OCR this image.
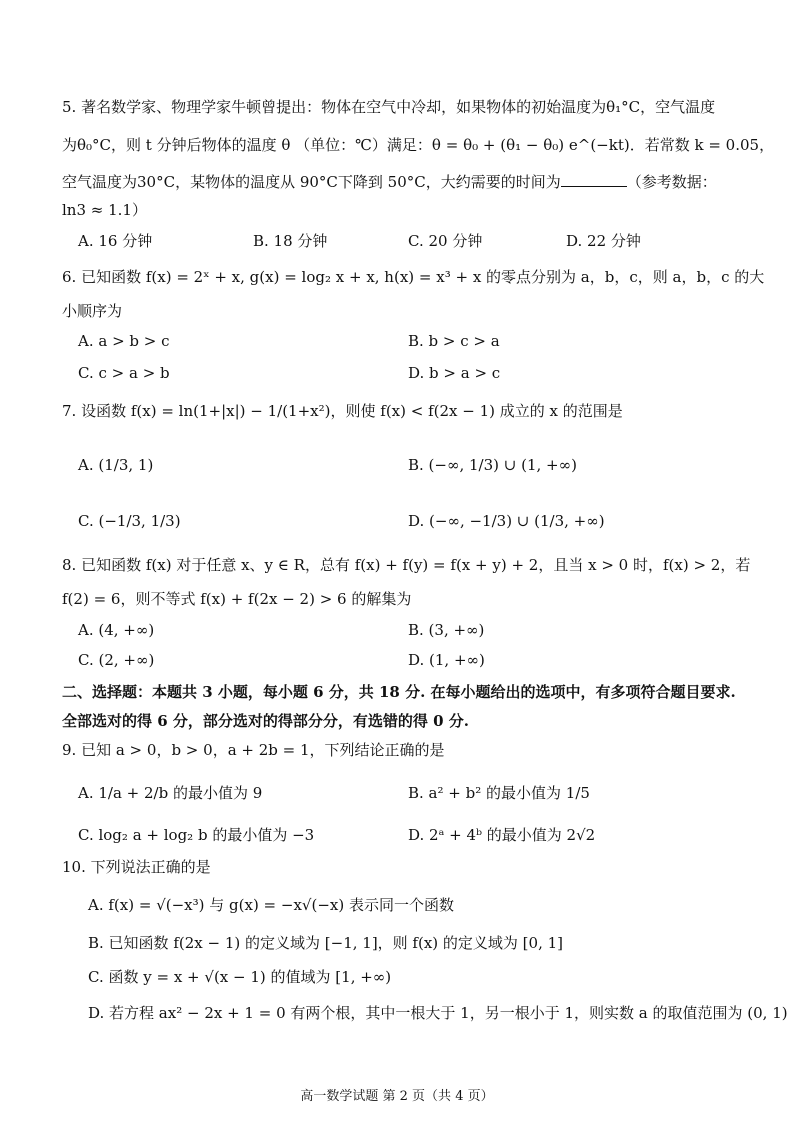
5. 著名数学家、物理学家牛顿曾提出：物体在空气中冷却，如果物体的初始温度为θ₁°C，空气温度
为θ₀°C，则 t 分钟后物体的温度 θ （单位：℃）满足：θ = θ₀ + (θ₁ − θ₀) e^(−kt)．若常数 k = 0.05，
空气温度为30°C，某物体的温度从 90°C下降到 50°C，大约需要的时间为	（参考数据：
ln3 ≈ 1.1）
A. 16 分钟	B. 18 分钟	C. 20 分钟	D. 22 分钟
6. 已知函数 f(x) = 2ˣ + x, g(x) = log₂ x + x, h(x) = x³ + x 的零点分别为 a，b，c，则 a，b，c 的大
小顺序为
A. a > b > c	B. b > c > a
C. c > a > b	D. b > a > c
7. 设函数 f(x) = ln(1+|x|) − 1/(1+x²)，则使 f(x) < f(2x − 1) 成立的 x 的范围是
A. (1/3, 1)	B. (−∞, 1/3) ∪ (1, +∞)
C. (−1/3, 1/3)	D. (−∞, −1/3) ∪ (1/3, +∞)
8. 已知函数 f(x) 对于任意 x、y ∈ R，总有 f(x) + f(y) = f(x + y) + 2，且当 x > 0 时，f(x) > 2，若
f(2) = 6，则不等式 f(x) + f(2x − 2) > 6 的解集为
A. (4, +∞)	B. (3, +∞)
C. (2, +∞)	D. (1, +∞)
二、选择题：本题共 3 小题，每小题 6 分，共 18 分. 在每小题给出的选项中，有多项符合题目要求.
全部选对的得 6 分，部分选对的得部分分，有选错的得 0 分.
9. 已知 a > 0，b > 0，a + 2b = 1，下列结论正确的是
A. 1/a + 2/b 的最小值为 9	B. a² + b² 的最小值为 1/5
C. log₂ a + log₂ b 的最小值为 −3	D. 2ᵃ + 4ᵇ 的最小值为 2√2
10. 下列说法正确的是
A. f(x) = √(−x³) 与 g(x) = −x√(−x) 表示同一个函数
B. 已知函数 f(2x − 1) 的定义域为 [−1, 1]，则 f(x) 的定义域为 [0, 1]
C. 函数 y = x + √(x − 1) 的值域为 [1, +∞)
D. 若方程 ax² − 2x + 1 = 0 有两个根，其中一根大于 1，另一根小于 1，则实数 a 的取值范围为 (0, 1)
高一数学试题 第 2 页（共 4 页）
